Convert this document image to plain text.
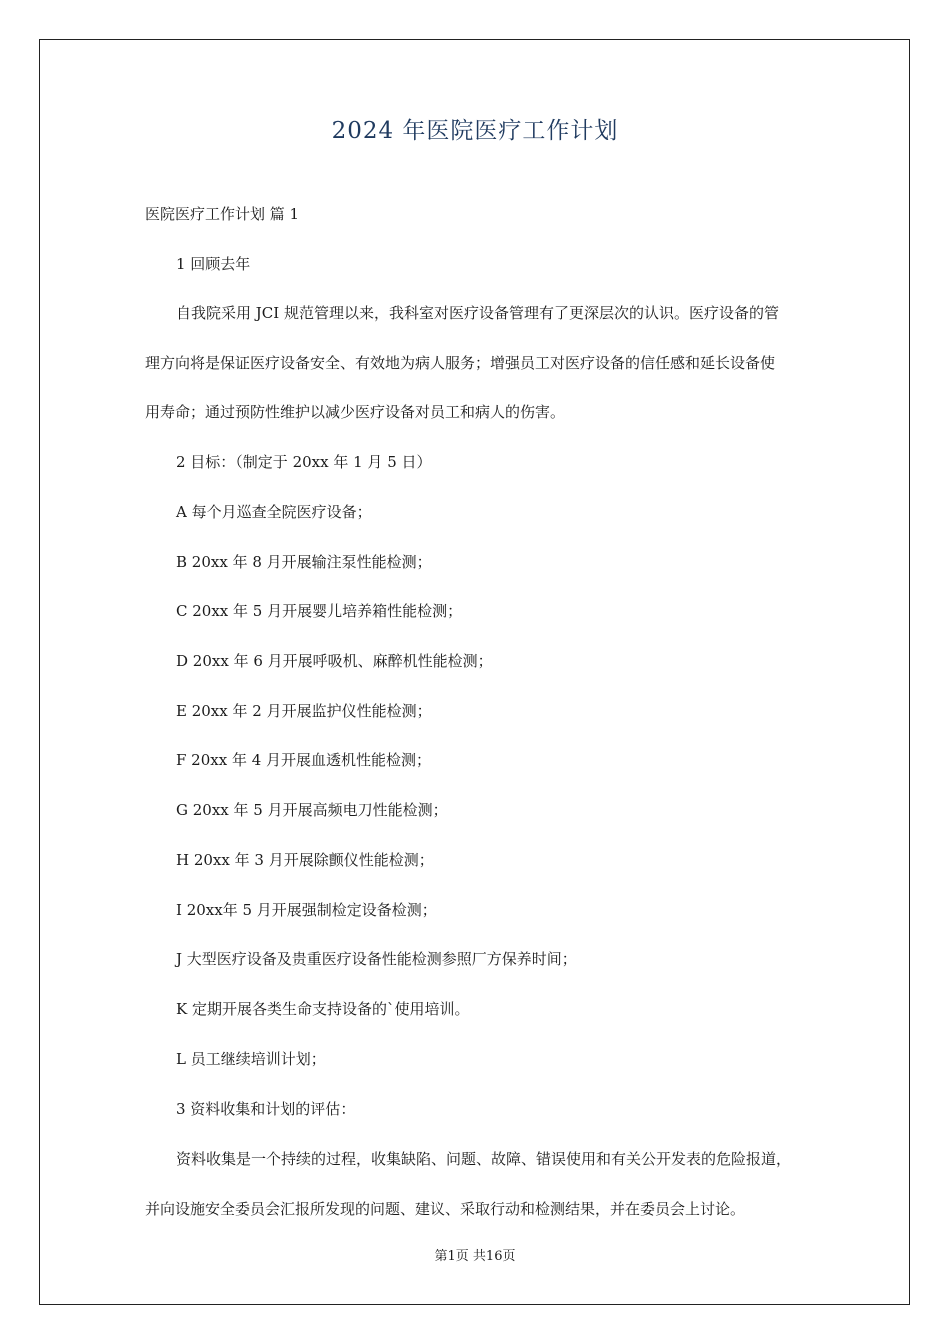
2024 年医院医疗工作计划

医院医疗工作计划 篇 1

1 回顾去年

自我院采用 JCI 规范管理以来，我科室对医疗设备管理有了更深层次的认识。医疗设备的管

理方向将是保证医疗设备安全、有效地为病人服务；增强员工对医疗设备的信任感和延长设备使

用寿命；通过预防性维护以减少医疗设备对员工和病人的伤害。

2 目标：（制定于 20xx 年 1 月 5 日）

A 每个月巡查全院医疗设备；

B 20xx 年 8 月开展输注泵性能检测；

C 20xx 年 5 月开展婴儿培养箱性能检测；

D 20xx 年 6 月开展呼吸机、麻醉机性能检测；

E 20xx 年 2 月开展监护仪性能检测；

F 20xx 年 4 月开展血透机性能检测；

G 20xx 年 5 月开展高频电刀性能检测；

H 20xx 年 3 月开展除颤仪性能检测；

I 20xx年 5 月开展强制检定设备检测；

J 大型医疗设备及贵重医疗设备性能检测参照厂方保养时间；

K 定期开展各类生命支持设备的`使用培训。

L 员工继续培训计划；

3 资料收集和计划的评估：

资料收集是一个持续的过程，收集缺陷、问题、故障、错误使用和有关公开发表的危险报道，

并向设施安全委员会汇报所发现的问题、建议、采取行动和检测结果，并在委员会上讨论。

第1页 共16页
